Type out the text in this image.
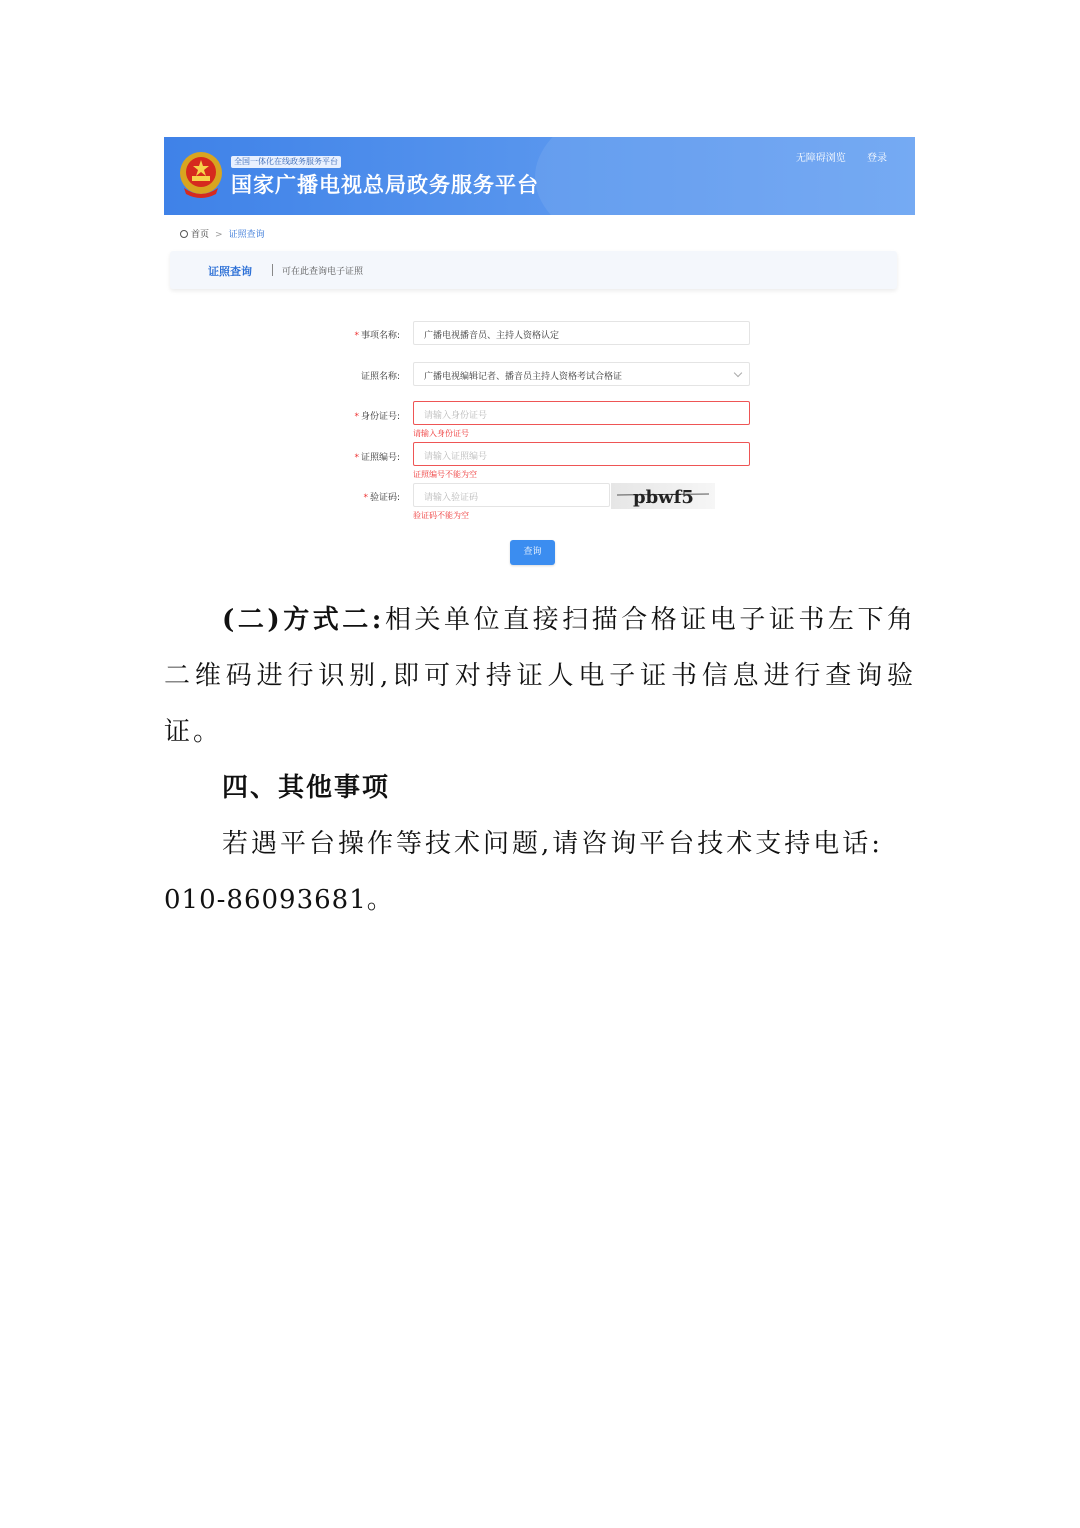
全国一体化在线政务服务平台
国家广播电视总局政务服务平台
无障碍浏览 登录
首页 > 证照查询
证照查询	可在此查询电子证照
* 事项名称:	广播电视播音员、主持人资格认定
证照名称:	广播电视编辑记者、播音员主持人资格考试合格证
* 身份证号:	请输入身份证号
请输入身份证号
* 证照编号:	请输入证照编号
证照编号不能为空
* 验证码:	请输入验证码	pbwf5
验证码不能为空
查询

(二)方式二:相关单位直接扫描合格证电子证书左下角二维码进行识别,即可对持证人电子证书信息进行查询验证。

四、其他事项

若遇平台操作等技术问题,请咨询平台技术支持电话:

010-86093681。
